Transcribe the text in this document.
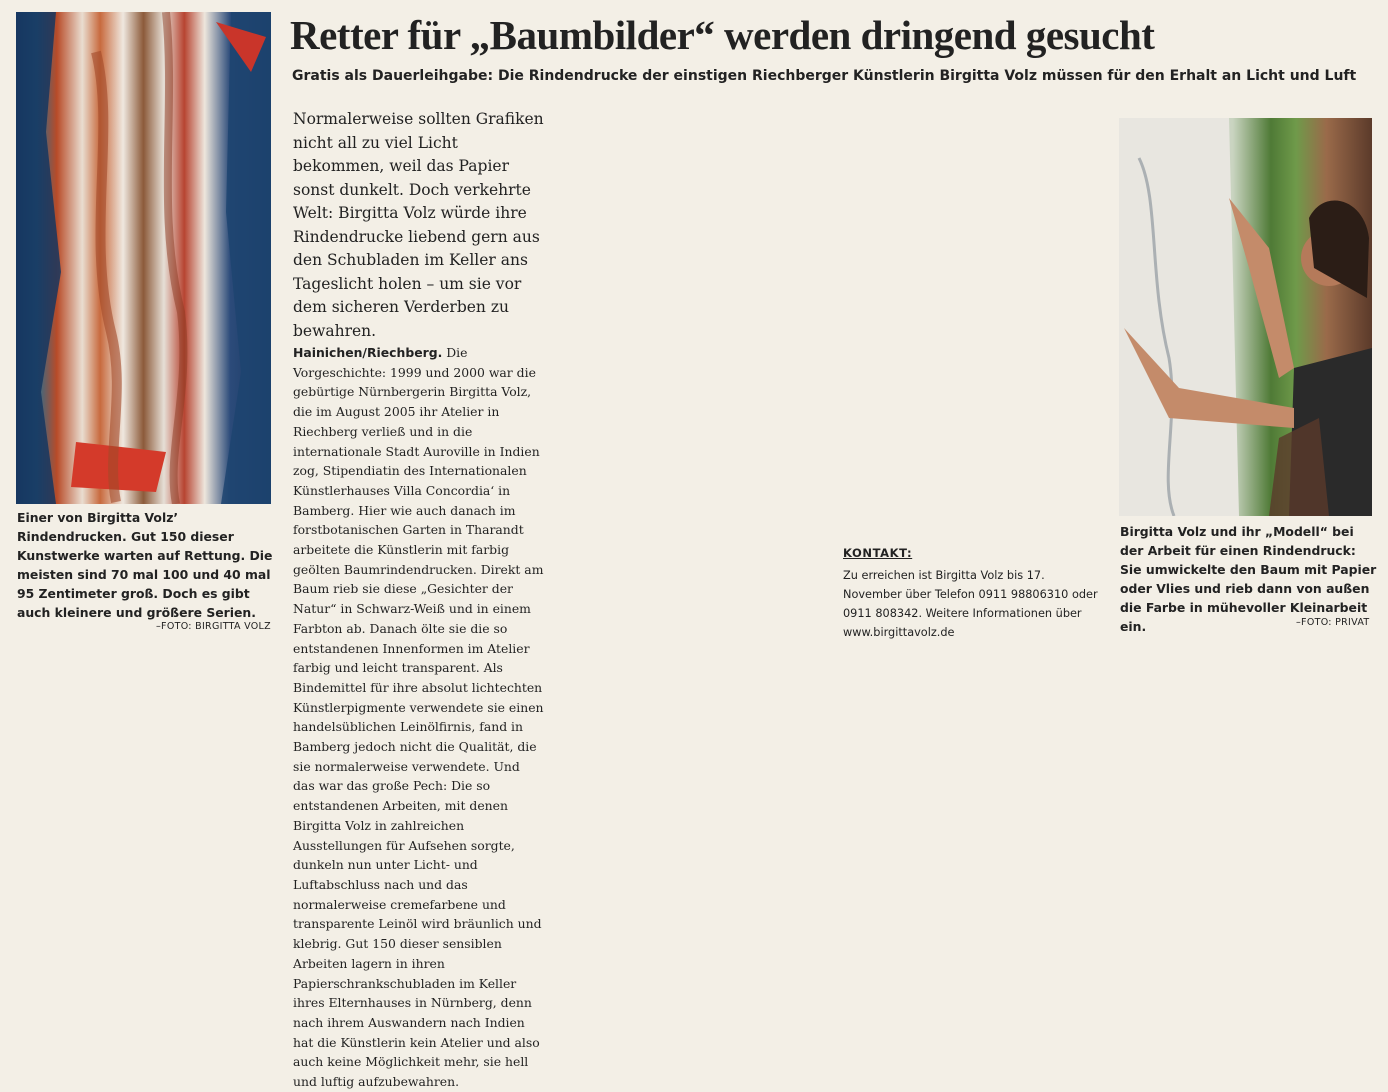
Retter für „Baumbilder“ werden dringend gesucht

Gratis als Dauerleihgabe: Die Rindendrucke der einstigen Riechberger Künstlerin Birgitta Volz müssen für den Erhalt an Licht und Luft

Einer von Birgitta Volz’ Rindendrucken. Gut 150 dieser Kunstwerke warten auf Rettung. Die meisten sind 70 mal 100 und 40 mal 95 Zentimeter groß. Doch es gibt auch kleinere und größere Serien.

–FOTO: BIRGITTA VOLZ
Normalerweise sollten Grafiken nicht all zu viel Licht bekommen, weil das Papier sonst dunkelt. Doch verkehrte Welt: Birgitta Volz würde ihre Rindendrucke liebend gern aus den Schubladen im Keller ans Tageslicht holen – um sie vor dem sicheren Verderben zu bewahren.

Hainichen/Riechberg. Die Vorgeschichte: 1999 und 2000 war die gebürtige Nürnbergerin Birgitta Volz, die im August 2005 ihr Atelier in Riechberg verließ und in die internationale Stadt Auroville in Indien zog, Stipendiatin des Internationalen Künstlerhauses Villa Concordia‘ in Bamberg. Hier wie auch danach im forstbotanischen Garten in Tharandt arbeitete die Künstlerin mit farbig geölten Baumrindendrucken. Direkt am Baum rieb sie diese „Gesichter der Natur“ in Schwarz-Weiß und in einem Farbton ab. Danach ölte sie die so entstandenen Innenformen im Atelier farbig und leicht transparent. Als Bindemittel für ihre absolut lichtechten Künstlerpigmente verwendete sie einen handelsüblichen Leinölfirnis, fand in Bamberg jedoch nicht die Qualität, die sie normalerweise verwendete. Und das war das große Pech: Die so entstandenen Arbeiten, mit denen Birgitta Volz in zahlreichen Ausstellungen für Aufsehen sorgte, dunkeln nun unter Licht- und Luftabschluss nach und das normalerweise cremefarbene und transparente Leinöl wird bräunlich und klebrig. Gut 150 dieser sensiblen Arbeiten lagern in ihren Papierschrankschubladen im Keller ihres Elternhauses in Nürnberg, denn nach ihrem Auswandern nach Indien hat die Künstlerin kein Atelier und also auch keine Möglichkeit mehr, sie hell und luftig aufzubewahren.

Birgitta Volz und ihr „Modell“ bei der Arbeit für einen Rindendruck: Sie umwickelte den Baum mit Papier oder Vlies und rieb dann von außen die Farbe in mühevoller Kleinarbeit ein.	–FOTO: PRIVAT
KONTAKT:
Zu erreichen ist Birgitta Volz bis 17. November über Telefon 0911 98806310 oder 0911 808342. Weitere Informationen über www.birgittavolz.de
